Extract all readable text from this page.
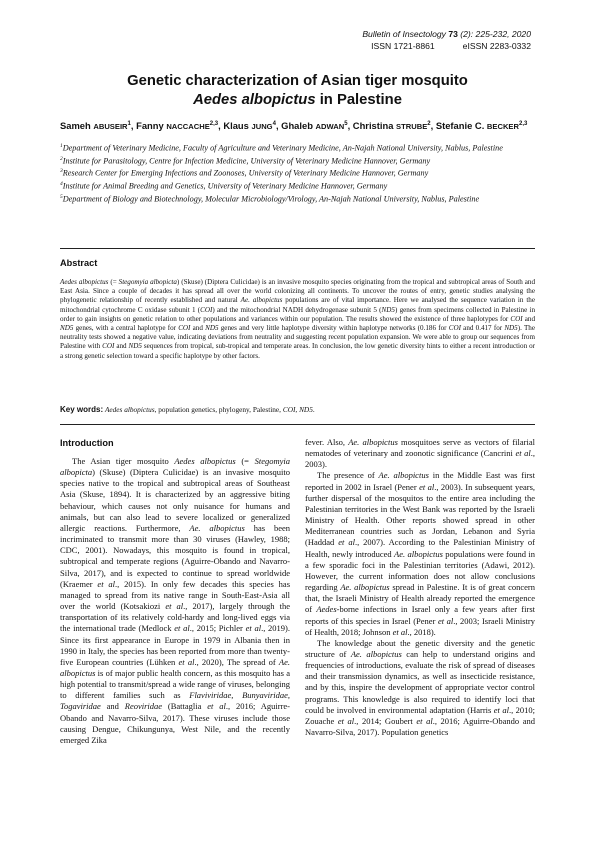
Bulletin of Insectology 73 (2): 225-232, 2020
ISSN 1721-8861	eISSN 2283-0332
Genetic characterization of Asian tiger mosquito
Aedes albopictus in Palestine
Sameh ABUSEIR$^1$, Fanny NACCACHE$^{2,3}$, Klaus JUNG$^4$, Ghaleb ADWAN$^5$, Christina STRUBE$^2$, Stefanie C. BECKER$^{2,3}$
$^1$Department of Veterinary Medicine, Faculty of Agriculture and Veterinary Medicine, An-Najah National University, Nablus, Palestine
$^2$Institute for Parasitology, Centre for Infection Medicine, University of Veterinary Medicine Hannover, Germany
$^3$Research Center for Emerging Infections and Zoonoses, University of Veterinary Medicine Hannover, Germany
$^4$Institute for Animal Breeding and Genetics, University of Veterinary Medicine Hannover, Germany
$^5$Department of Biology and Biotechnology, Molecular Microbiology/Virology, An-Najah National University, Nablus, Palestine
Abstract

Aedes albopictus (= Stegomyia albopicta) (Skuse) (Diptera Culicidae) is an invasive mosquito species originating from the tropical and subtropical areas of South and East Asia. Since a couple of decades it has spread all over the world colonizing all continents. To uncover the routes of entry, genetic studies analysing the phylogenetic relationship of recently established and natural Ae. albopictus populations are of vital importance. Here we analysed the sequence variation in the mitochondrial cytochrome C oxidase subunit 1 (COI) and the mitochondrial NADH dehydrogenase subunit 5 (ND5) genes from specimens collected in Palestine in order to gain insights on genetic relation to other populations and variances within our population. The results showed the existence of three haplotypes for COI and ND5 genes, with a central haplotype for COI and ND5 genes and very little haplotype diversity within haplotype networks (0.186 for COI and 0.417 for ND5). The neutrality tests showed a negative value, indicating deviations from neutrality and suggesting recent population expansion. We were able to group our sequences from Palestine with COI and ND5 sequences from tropical, sub-tropical and temperate areas. In conclusion, the low genetic diversity hints to either a recent introduction or a strong genetic selection toward a specific haplotype by other factors.

Key words: Aedes albopictus, population genetics, phylogeny, Palestine, COI, ND5.
Introduction

The Asian tiger mosquito Aedes albopictus (= Stegomyia albopicta) (Skuse) (Diptera Culicidae) is an invasive mosquito species native to the tropical and subtropical areas of Southeast Asia (Skuse, 1894). It is characterized by an aggressive biting behaviour, which causes not only nuisance for humans and animals, but can also lead to severe localized or generalized allergic reactions. Furthermore, Ae. albopictus has been incriminated to transmit more than 30 viruses (Hawley, 1988; CDC, 2001). Nowadays, this mosquito is found in tropical, subtropical and temperate regions (Aguirre-Obando and Navarro-Silva, 2017), and is expected to continue to spread worldwide (Kraemer et al., 2015). In only few decades this species has managed to spread from its native range in South-East-Asia all over the world (Kotsakiozi et al., 2017), largely through the transportation of its relatively cold-hardy and long-lived eggs via the international trade (Medlock et al., 2015; Pichler et al., 2019). Since its first appearance in Europe in 1979 in Albania then in 1990 in Italy, the species has been reported from more than twenty-five European countries (Lühken et al., 2020), The spread of Ae. albopictus is of major public health concern, as this mosquito has a high potential to transmit/spread a wide range of viruses, belonging to different families such as Flaviviridae, Bunyaviridae, Togaviridae and Reoviridae (Battaglia et al., 2016; Aguirre-Obando and Navarro-Silva, 2017). These viruses include those causing Dengue, Chikungunya, West Nile, and the recently emerged Zika

fever. Also, Ae. albopictus mosquitoes serve as vectors of filarial nematodes of veterinary and zoonotic significance (Cancrini et al., 2003).

The presence of Ae. albopictus in the Middle East was first reported in 2002 in Israel (Pener et al., 2003). In subsequent years, further dispersal of the mosquitos to the entire area including the Palestinian territories in the West Bank was reported by the Israeli Ministry of Health. Other reports showed spread in other Mediterranean countries such as Jordan, Lebanon and Syria (Haddad et al., 2007). According to the Palestinian Ministry of Health, newly introduced Ae. albopictus populations were found in a few sporadic foci in the Palestinian territories (Adawi, 2012). However, the current information does not allow conclusions regarding Ae. albopictus spread in Palestine. It is of great concern that, the Israeli Ministry of Health already reported the emergence of Aedes-borne infections in Israel only a few years after first reports of this species in Israel (Pener et al., 2003; Israeli Ministry of Health, 2018; Johnson et al., 2018).

The knowledge about the genetic diversity and the genetic structure of Ae. albopictus can help to understand origins and frequencies of introductions, evaluate the risk of spread of diseases and their transmission dynamics, as well as insecticide resistance, and by this, inspire the development of appropriate vector control programs. This knowledge is also required to identify loci that could be involved in environmental adaptation (Harris et al., 2010; Zouache et al., 2014; Goubert et al., 2016; Aguirre-Obando and Navarro-Silva, 2017). Population genetics
